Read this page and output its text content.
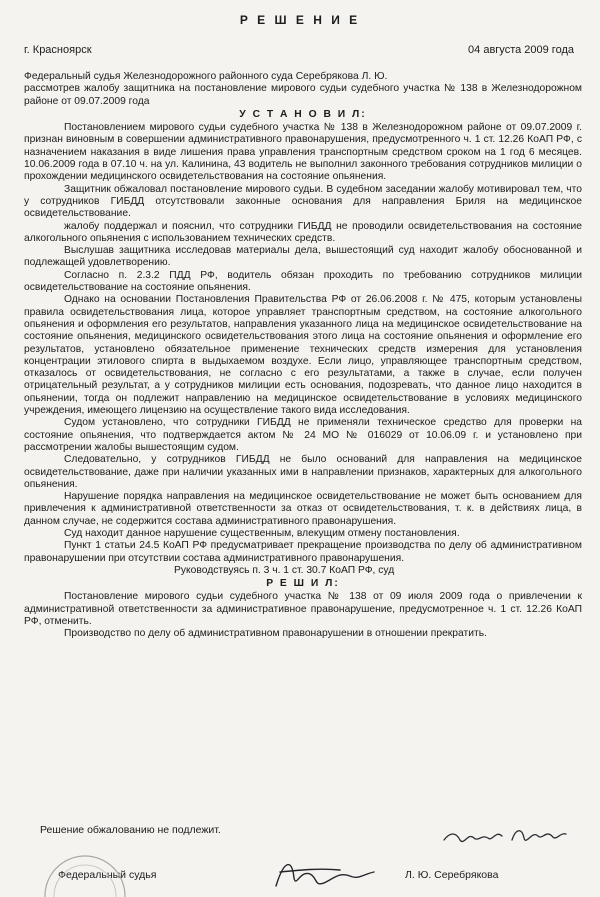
Р Е Ш Е Н И Е
г. Красноярск	04 августа 2009 года

Федеральный судья Железнодорожного районного суда Серебрякова Л. Ю.

рассмотрев жалобу защитника на постановление мирового судьи судебного участка № 138 в Железнодорожном районе от 09.07.2009 года

У С Т А Н О В И Л:

Постановлением мирового судьи судебного участка № 138 в Железнодорожном районе от 09.07.2009 г. признан виновным в совершении административного правонарушения, предусмотренного ч. 1 ст. 12.26 КоАП РФ, с назначением наказания в виде лишения права управления транспортным средством сроком на 1 год 6 месяцев. 10.06.2009 года в 07.10 ч. на ул. Калинина, 43 водитель не выполнил законного требования сотрудников милиции о прохождении медицинского освидетельствования на состояние опьянения.

Защитник обжаловал постановление мирового судьи. В судебном заседании жалобу мотивировал тем, что у сотрудников ГИБДД отсутствовали законные основания для направления Бриля на медицинское освидетельствование.

жалобу поддержал и пояснил, что сотрудники ГИБДД не проводили освидетельствования на состояние алкогольного опьянения с использованием технических средств.

Выслушав защитника исследовав материалы дела, вышестоящий суд находит жалобу обоснованной и подлежащей удовлетворению.

Согласно п. 2.3.2 ПДД РФ, водитель обязан проходить по требованию сотрудников милиции освидетельствование на состояние опьянения.

Однако на основании Постановления Правительства РФ от 26.06.2008 г. № 475, которым установлены правила освидетельствования лица, которое управляет транспортным средством, на состояние алкогольного опьянения и оформления его результатов, направления указанного лица на медицинское освидетельствование на состояние опьянения, медицинского освидетельствования этого лица на состояние опьянения и оформление его результатов, установлено обязательное применение технических средств измерения для установления концентрации этилового спирта в выдыхаемом воздухе. Если лицо, управляющее транспортным средством, отказалось от освидетельствования, не согласно с его результатами, а также в случае, если получен отрицательный результат, а у сотрудников милиции есть основания, подозревать, что данное лицо находится в опьянении, тогда он подлежит направлению на медицинское освидетельствование в условиях медицинского учреждения, имеющего лицензию на осуществление такого вида исследования.

Судом установлено, что сотрудники ГИБДД не применяли техническое средство для проверки на состояние опьянения, что подтверждается актом № 24 МО № 016029 от 10.06.09 г. и установлено при рассмотрении жалобы вышестоящим судом.

Следовательно, у сотрудников ГИБДД не было оснований для направления на медицинское освидетельствование, даже при наличии указанных ими в направлении признаков, характерных для алкогольного опьянения.

Нарушение порядка направления на медицинское освидетельствование не может быть основанием для привлечения к административной ответственности за отказ от освидетельствования, т. к. в действиях лица, в данном случае, не содержится состава административного правонарушения.

Суд находит данное нарушение существенным, влекущим отмену постановления.

Пункт 1 статьи 24.5 КоАП РФ предусматривает прекращение производства по делу об административном правонарушении при отсутствии состава административного правонарушения.

Руководствуясь п. 3 ч. 1 ст. 30.7 КоАП РФ, суд

Р Е Ш И Л:

Постановление мирового судьи судебного участка № 138 от 09 июля 2009 года о привлечении к административной ответственности за административное правонарушение, предусмотренное ч. 1 ст. 12.26 КоАП РФ, отменить.

Производство по делу об административном правонарушении в отношении прекратить.

Решение обжалованию не подлежит.
Федеральный судья	Л. Ю. Серебрякова
